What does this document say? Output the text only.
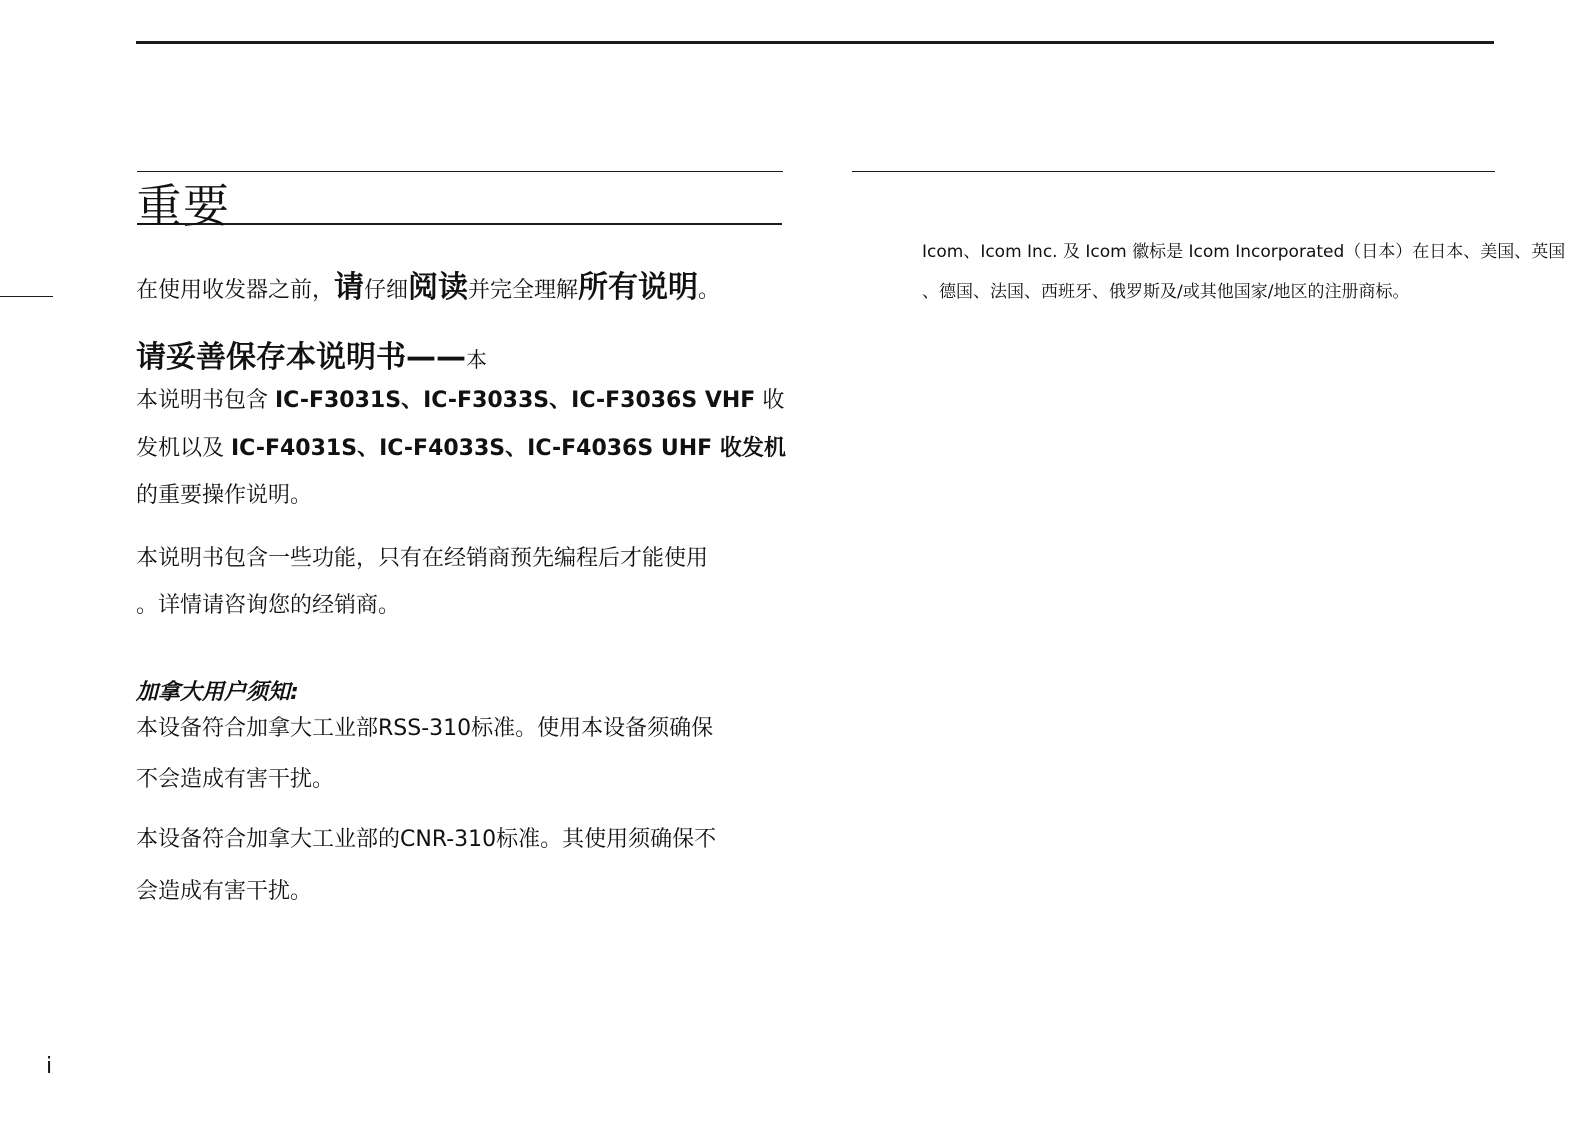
重要
在使用收发器之前，请仔细阅读并完全理解所有说明。
请妥善保存本说明书——本
本说明书包含 IC-F3031S、IC-F3033S、IC-F3036S VHF 收
发机以及 IC-F4031S、IC-F4033S、IC-F4036S UHF 收发机
的重要操作说明。
本说明书包含一些功能，只有在经销商预先编程后才能使用
。详情请咨询您的经销商。
加拿大用户须知:
本设备符合加拿大工业部RSS-310标准。使用本设备须确保
不会造成有害干扰。
本设备符合加拿大工业部的CNR-310标准。其使用须确保不
会造成有害干扰。
Icom、Icom Inc. 及 Icom 徽标是 Icom Incorporated（日本）在日本、美国、英国
、德国、法国、西班牙、俄罗斯及/或其他国家/地区的注册商标。
i
